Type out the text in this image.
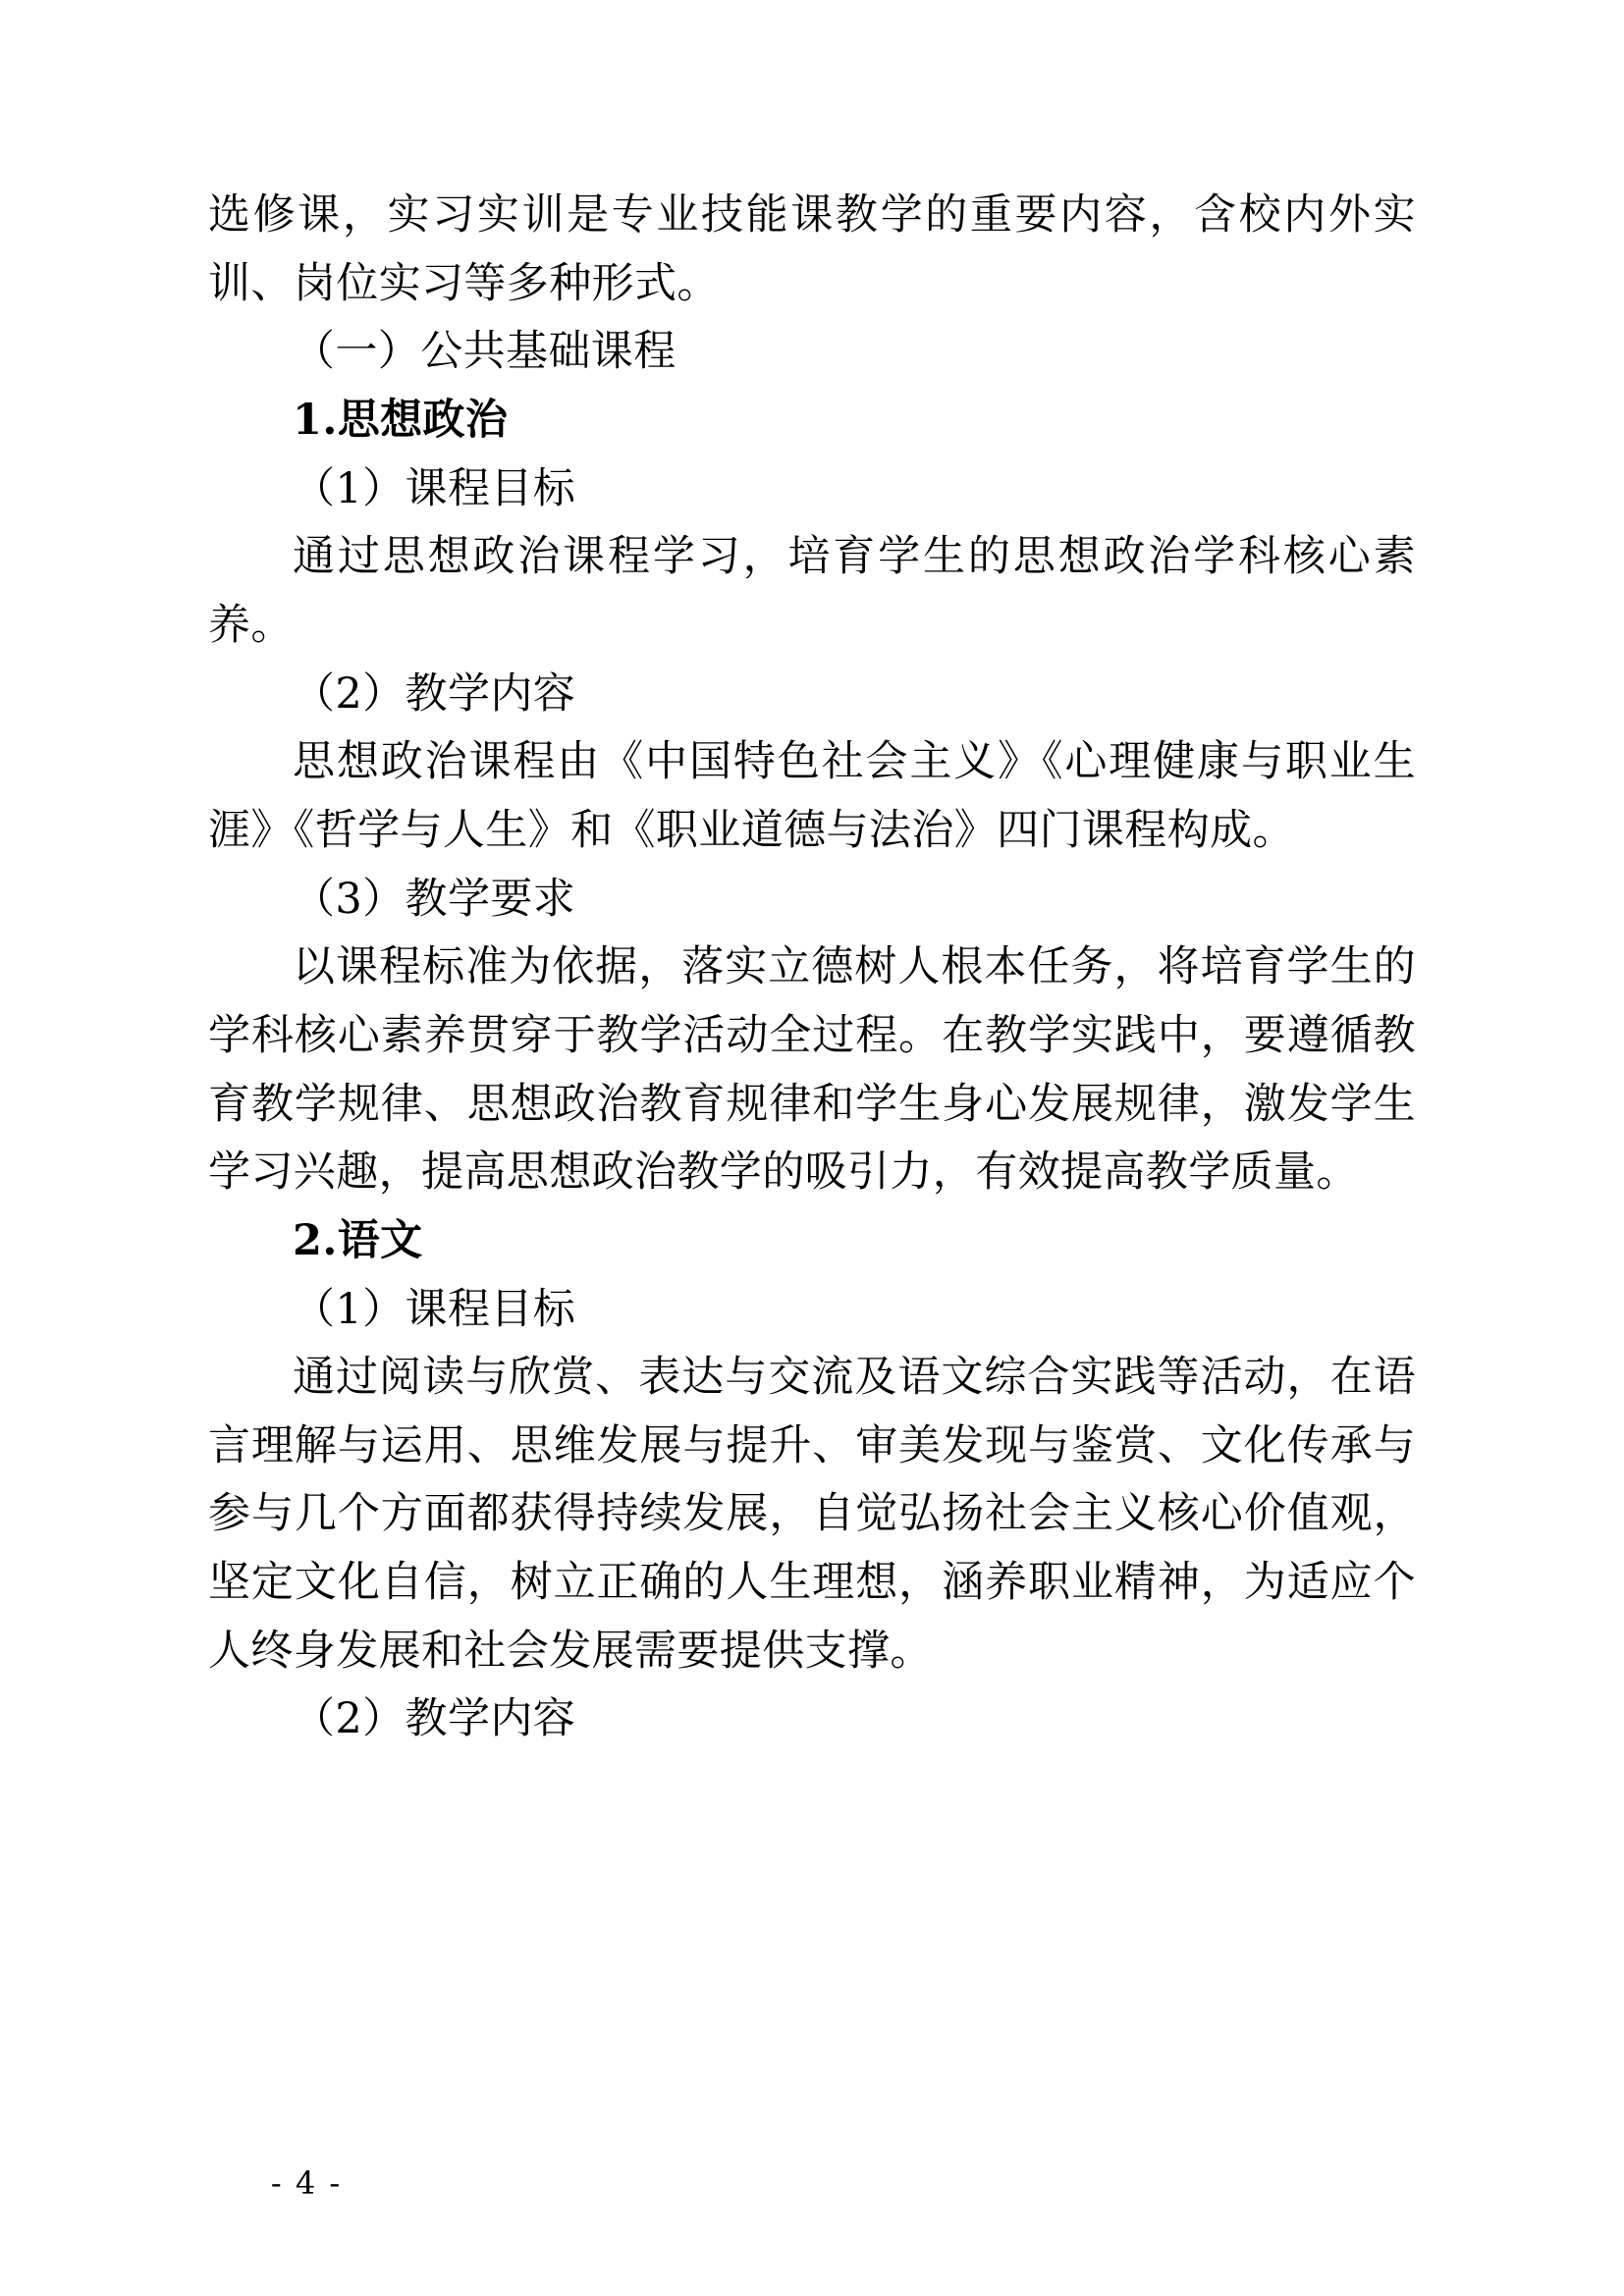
选修课，实习实训是专业技能课教学的重要内容，含校内外实训、岗位实习等多种形式。

（一）公共基础课程

1.思想政治

（1）课程目标

通过思想政治课程学习，培育学生的思想政治学科核心素养。

（2）教学内容

思想政治课程由《中国特色社会主义》《心理健康与职业生涯》《哲学与人生》和《职业道德与法治》四门课程构成。

（3）教学要求

以课程标准为依据，落实立德树人根本任务，将培育学生的学科核心素养贯穿于教学活动全过程。在教学实践中，要遵循教育教学规律、思想政治教育规律和学生身心发展规律，激发学生学习兴趣，提高思想政治教学的吸引力，有效提高教学质量。

2.语文

（1）课程目标

通过阅读与欣赏、表达与交流及语文综合实践等活动，在语言理解与运用、思维发展与提升、审美发现与鉴赏、文化传承与参与几个方面都获得持续发展，自觉弘扬社会主义核心价值观，坚定文化自信，树立正确的人生理想，涵养职业精神，为适应个人终身发展和社会发展需要提供支撑。

（2）教学内容

- 4 -
